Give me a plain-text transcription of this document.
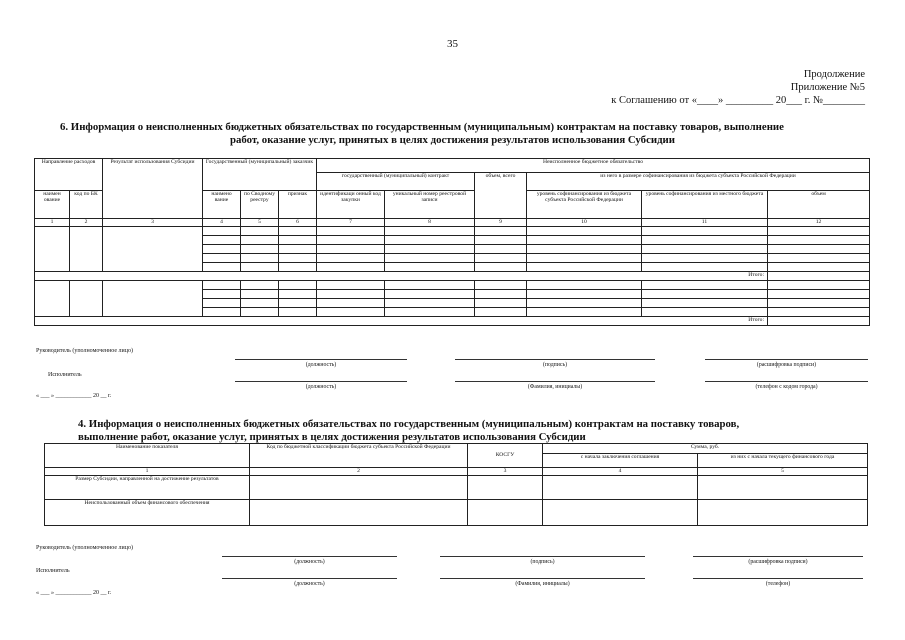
35
Продолжение
Приложение №5
к Соглашению от «____» _________ 20___ г. №________
6. Информация о неисполненных бюджетных обязательствах по государственным (муниципальным) контрактам на поставку товаров, выполнение
работ, оказание услуг, принятых в целях достижения результатов использования Субсидии
Направление расходов		Результат использования Субсидии	Государственный (муниципальный) заказчик			Неисполненное бюджетное обязательство					
						государственный (муниципальный) контракт		объем, всего	из него в размере софинансирования из бюджета субъекта Российской Федерации		
наимен ование	код по БК		наимено вание	по Сводному реестру	признак	идентификаци онный код закупки	уникальный номер реестровой записи		уровень софинансирования из бюджета субъекта Российской Федерации	уровень софинансирования из местного бюджета	объем
1	2	3	4	5	6	7	8	9	10	11	12

Итого:											

Итого:											
Руководитель (уполномоченное лицо)
(должность)	(подпись)	(расшифровка подписи)
Исполнитель
(должность)	(Фамилия, инициалы)	(телефон с кодом города)
« ___ » ____________ 20 __ г.
4. Информация о неисполненных бюджетных обязательствах по государственным (муниципальным) контрактам на поставку товаров,
выполнение работ, оказание услуг, принятых в целях достижения результатов использования Субсидии
Наименование показателя	Код по бюджетной классификации бюджета субъекта Российской Федерации	КОСГУ	Сумма, руб.	
			с начала заключения соглашения	из них с начала текущего финансового года
1	2	3	4	5
Размер Субсидии, направленной на достижение результатов				
Неиспользованный объем финансового обеспечения				
Руководитель (уполномоченное лицо)
(должность)	(подпись)	(расшифровка подписи)
Исполнитель
(должность)	(Фамилия, инициалы)	(телефон)
« ___ » ____________ 20 __ г.
